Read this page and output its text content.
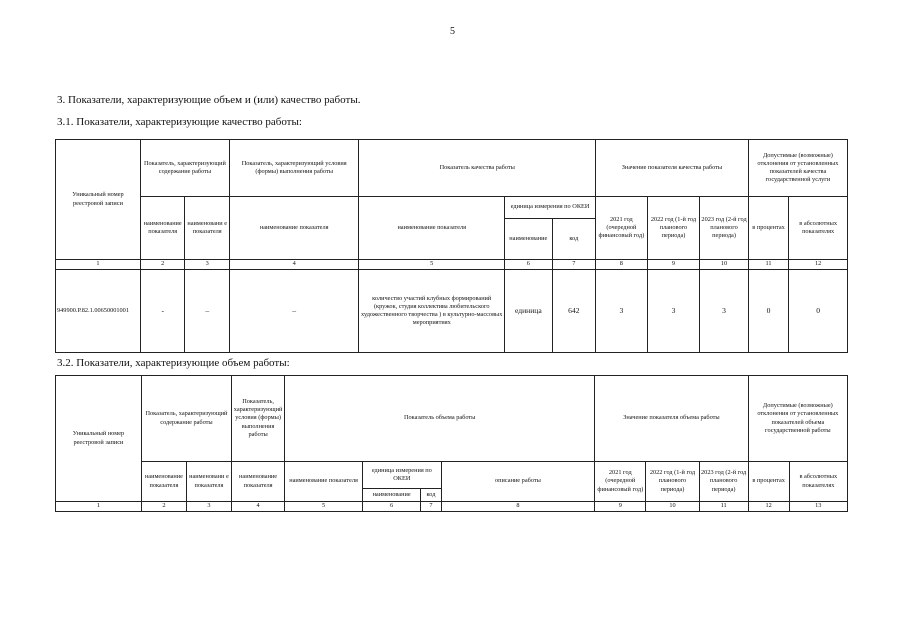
5
3. Показатели, характеризующие объем и (или) качество работы.
3.1. Показатели, характеризующие качество работы:
Уникальный номер реестровой записи	Показатель, характеризующий содержание работы		Показатель, характеризующий условия (формы) выполнения работы	Показатель качества работы			Значение показателя качества работы			Допустимые (возможные) отклонения от установленных показателей качества государственной услуги	
	наименование показателя	наименовани е показателя	наименование показателя	наименование показателя	единица измерения по ОКЕИ		2021 год (очередной финансовый год)	2022 год (1-й год планового периода)	2023 год (2-й год планового периода)	в процентах	в абсолютных показателях
					наименование	код					
1	2	3	4	5	6	7	8	9	10	11	12
949900.Р.82.1.00650001001	-	–	–	количество участий клубных формирований (кружок, студия коллектива любительского художественного творчества ) в культурно-массовых мероприятиях	единица	642	3	3	3	0	0
3.2. Показатели, характеризующие объем работы:
Уникальный номер реестровой записи	Показатель, характеризующий содержание работы		Показатель, характеризующий условия (формы) выполнения работы	Показатель объема работы				Значение показателя объема работы			Допустимые (возможные) отклонения от установленных показателей объема государственной работы	
	наименование показателя	наименовани е показателя	наименование показателя	наименование показателя	единица измерения по ОКЕИ		описание работы	2021 год (очередной финансовый год)	2022 год (1-й год планового периода)	2023 год (2-й год планового периода)	в процентах	в абсолютных показателях
					наименование	код						
1	2	3	4	5	6	7	8	9	10	11	12	13
